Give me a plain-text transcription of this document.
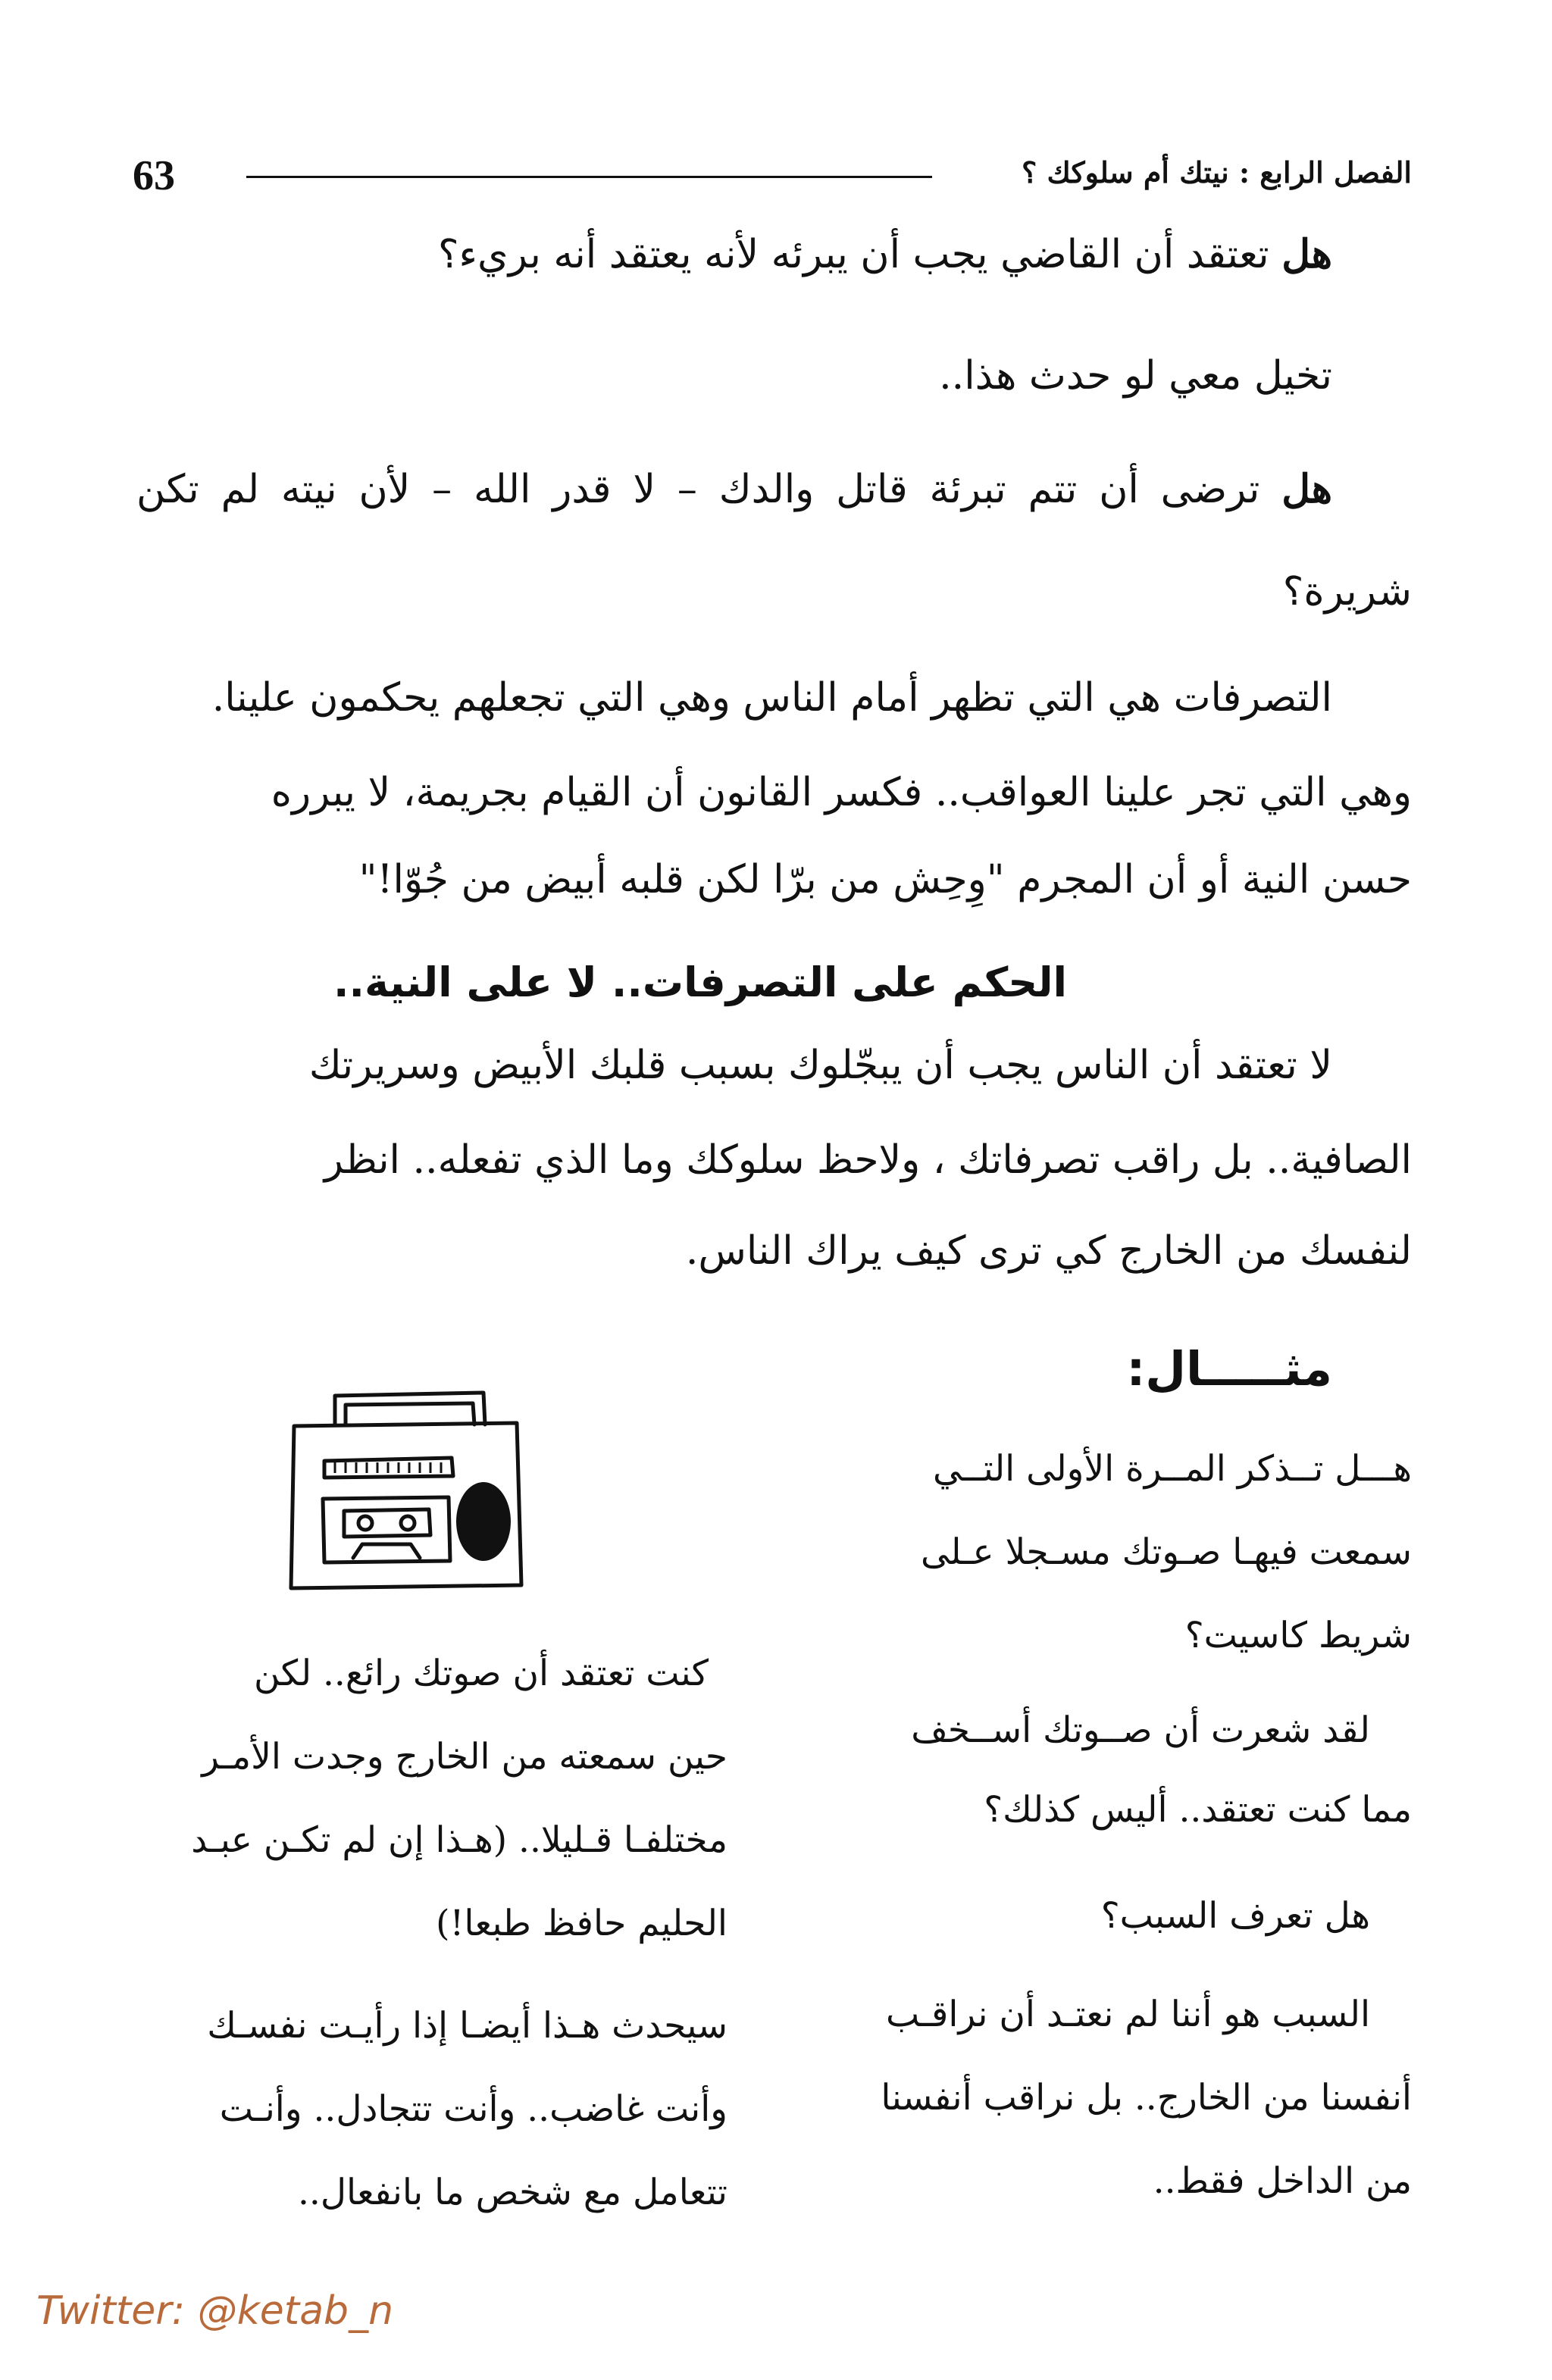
الفصل الرابع : نيتك أم سلوكك ؟
63
هل تعتقد أن القاضي يجب أن يبرئه لأنه يعتقد أنه بريء؟
تخيل معي لو حدث هذا..
هل ترضى أن تتم تبرئة قاتل والدك – لا قدر الله – لأن نيته لم تكن
شريرة؟
التصرفات هي التي تظهر أمام الناس وهي التي تجعلهم يحكمون علينا.
وهي التي تجر علينا العواقب.. فكسر القانون أن القيام بجريمة، لا يبرره
حسن النية أو أن المجرم "وِحِش من برّا لكن قلبه أبيض من جُوّا!"
الحكم على التصرفات.. لا على النية..
لا تعتقد أن الناس يجب أن يبجّلوك بسبب قلبك الأبيض وسريرتك
الصافية.. بل راقب تصرفاتك ، ولاحظ سلوكك وما الذي تفعله.. انظر
لنفسك من الخارج كي ترى كيف يراك الناس.
مثـــــال:
هـــل تــذكر المــرة الأولى التــي
سمعت فيهـا صـوتك مسـجلا عـلى
شريط كاسيت؟
لقد شعرت أن صــوتك أســخف
مما كنت تعتقد.. أليس كذلك؟
هل تعرف السبب؟
السبب هو أننا لم نعتـد أن نراقـب
أنفسنا من الخارج.. بل نراقب أنفسنا
من الداخل فقط..
كنت تعتقد أن صوتك رائع.. لكن
حين سمعته من الخارج وجدت الأمـر
مختلفـا قـليلا.. (هـذا إن لم تكـن عبـد
الحليم حافظ طبعا!)
سيحدث هـذا أيضـا إذا رأيـت نفسـك
وأنت غاضب.. وأنت تتجادل.. وأنـت
تتعامل مع شخص ما بانفعال..
Twitter: @ketab_n
